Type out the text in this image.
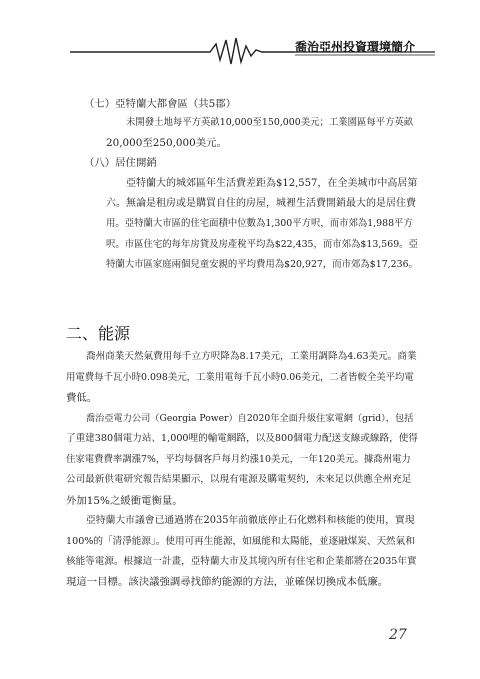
喬治亞州投資環境簡介
（七）亞特蘭大都會區（共5郡）
未開發土地每平方英畝10,000至150,000美元；工業園區每平方英畝
20,000至250,000美元。
（八）居住開銷
亞特蘭大的城郊區年生活費差距為$12,557，在全美城市中高居第
六。無論是租房或是購買自住的房屋，城裡生活費開銷最大的是居住費
用。亞特蘭大市區的住宅面積中位數為1,300平方呎，而市郊為1,988平方
呎。市區住宅的每年房貸及房產稅平均為$22,435，而市郊為$13,569。亞
特蘭大市區家庭兩個兒童安親的平均費用為$20,927，而市郊為$17,236。
二、能源
喬州商業天然氣費用每千立方呎降為8.17美元，工業用調降為4.63美元。商業
用電費每千瓦小時0.098美元，工業用電每千瓦小時0.06美元，二者皆較全美平均電
費低。
喬治亞電力公司（Georgia Power）自2020年全面升級住家電網（grid），包括
了重建380個電力站、1,000哩的輸電網路，以及800個電力配送支線或線路，使得
住家電費費率調漲7%，平均每個客戶每月約漲10美元，一年120美元。據喬州電力
公司最新供電研究報告結果顯示，以現有電源及購電契約，未來足以供應全州充足
外加15%之緩衝電衡量。
亞特蘭大市議會已通過將在2035年前徹底停止石化燃料和核能的使用，實現
100%的「清淨能源」。使用可再生能源，如風能和太陽能，並逐融煤炭、天然氣和
核能等電源。根據這一計畫，亞特蘭大市及其境內所有住宅和企業都將在2035年實
現這一目標。該決議強調尋找節約能源的方法，並確保切換成本低廉。
27
